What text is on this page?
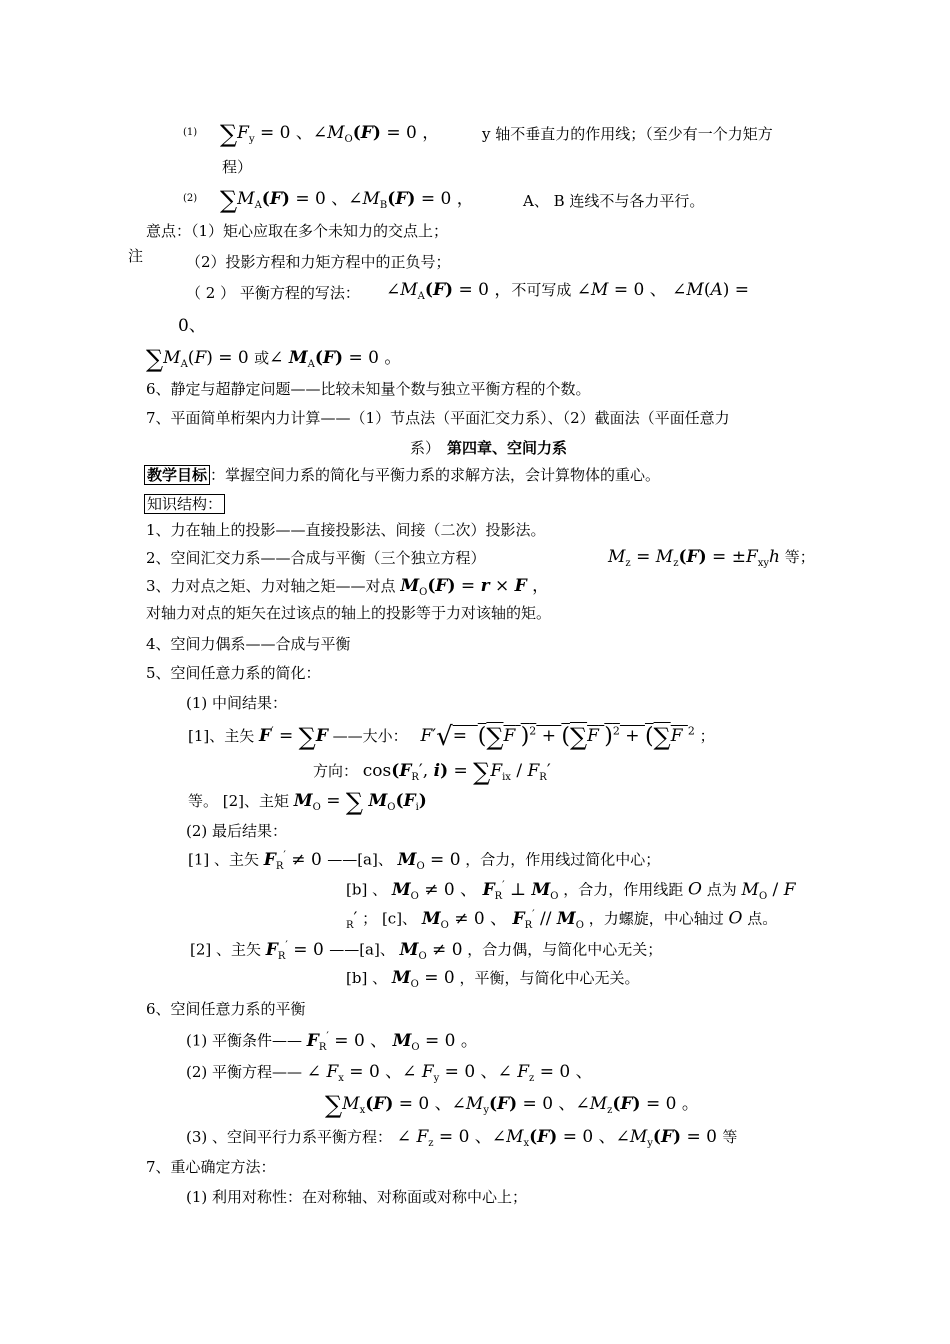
(1) $\sum F_y = 0$ 、$\angle M_O(F) = 0$ ，	y 轴不垂直力的作用线；（至少有一个力矩方
程）
(2) $\sum M_A(F) = 0$ 、$\angle M_B(F) = 0$ ，	A、 B 连线不与各力平行。
意点：（1）矩心应取在多个未知力的交点上；
注	（2）投影方程和力矩方程中的正负号；
（ 2 ） 平衡方程的写法： $\angle M_A(F) = 0$ ，不可写成 ∠M = 0 、 ∠M(A) =
0、
$\sum M_A(F) = 0$ 或∠ $M_A(F) = 0$ 。
6、静定与超静定问题——比较未知量个数与独立平衡方程的个数。
7、平面简单桁架内力计算——（1）节点法（平面汇交力系）、（2）截面法（平面任意力
系） 第四章、空间力系
教学目标 ：掌握空间力系的简化与平衡力系的求解方法，会计算物体的重心。
知识结构：
1、力在轴上的投影——直接投影法、间接（二次）投影法。
2、空间汇交力系——合成与平衡（三个独立方程）	$M_z = M_z(F) = \pm F_{xy}h$ 等；
3、力对点之矩、力对轴之矩——对点 $M_O(F) = r \times F$ ，
对轴力对点的矩矢在过该点的轴上的投影等于力对该轴的矩。
4、空间力偶系——合成与平衡
5、空间任意力系的简化：
(1) 中间结果：
[1]、主矢 F′ = ∑F ——大小： F′√=  (∑F )$^2$ + (∑F )$^2$ + (∑F $^2$ ；
方向： $\cos(F_R'$, $i) = \sum F_{ix} / F_R'$
等。 [2]、主矩 $M_O$ = ∑ $M_O(F_i)$
(2) 最后结果：
[1] 、主矢 $F_R' \ne 0$ ——[a]、 $M_O = 0$ ，合力，作用线过简化中心；
[b] 、 $M_O \ne 0$ 、 $F_R'$ ⊥ $M_O$ ，合力，作用线距 O 点为 $M_O$ / F
$_R$′ ； [c]、 $M_O \ne 0$ 、 $F_R' // M_O$ ，力螺旋，中心轴过 O 点。
[2] 、主矢 $F_R' = 0$ ——[a]、 $M_O \ne 0$ ，合力偶，与简化中心无关；
[b] 、 $M_O = 0$ ，平衡，与简化中心无关。
6、空间任意力系的平衡
(1) 平衡条件—— $F_R' = 0$ 、 $M_O = 0$ 。
(2) 平衡方程—— ∠ $F_x = 0$ 、∠ $F_y = 0$ 、∠ $F_z = 0$ 、
$\sum M_x(F) = 0$ 、$\angle M_y(F) = 0$ 、$\angle M_z(F) = 0$ 。
(3) 、空间平行力系平衡方程： ∠ $F_z = 0$ 、$\angle M_x(F) = 0$ 、$\angle M_y(F) = 0$ 等
7、重心确定方法：
(1) 利用对称性：在对称轴、对称面或对称中心上；
